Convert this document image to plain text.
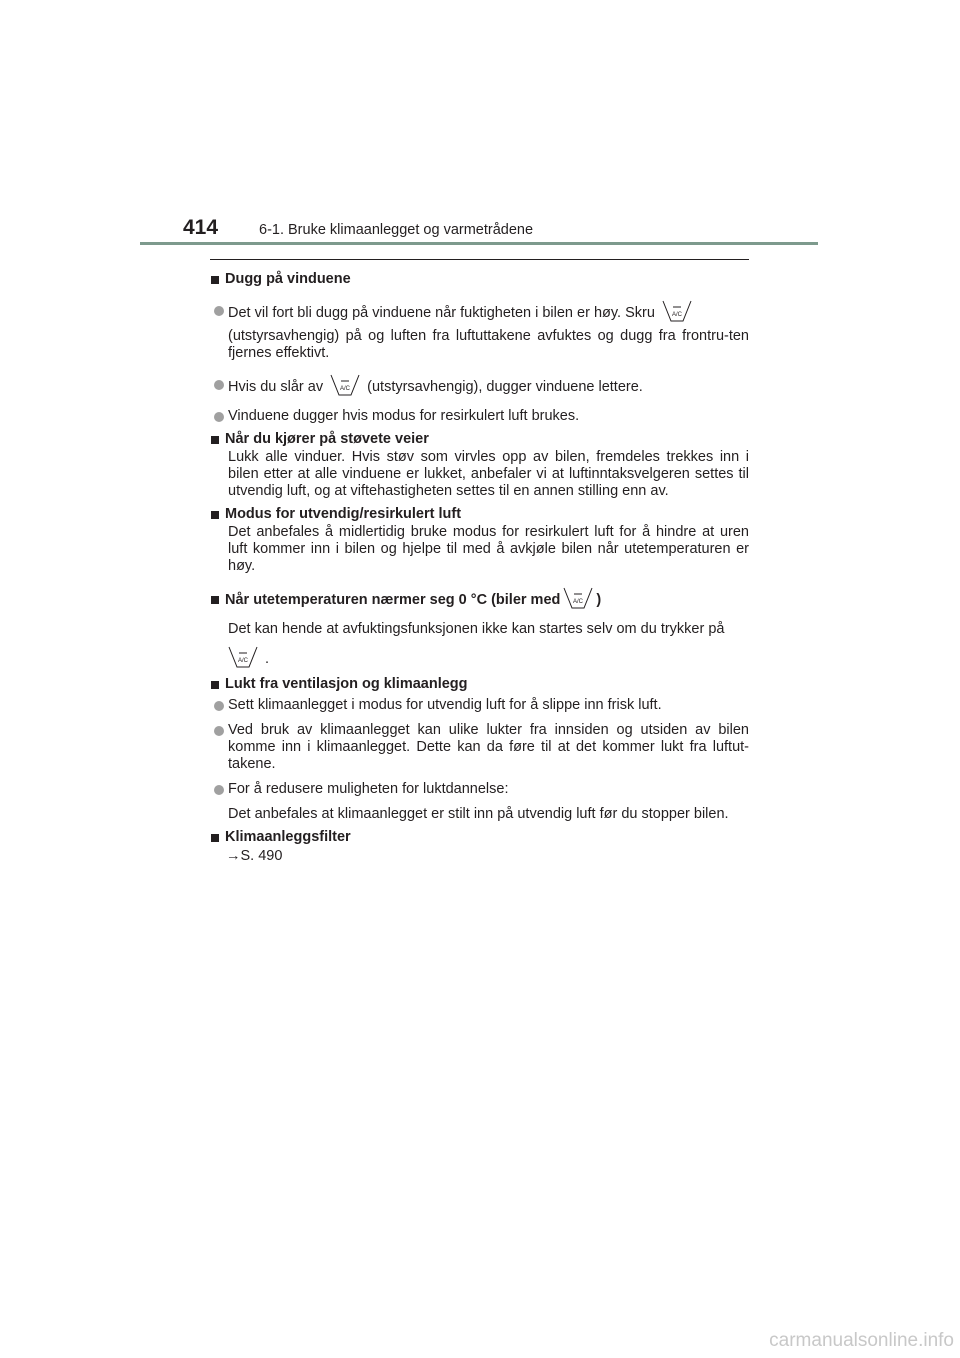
414	6-1. Bruke klimaanlegget og varmetrådene
Dugg på vinduene
Det vil fort bli dugg på vinduene når fuktigheten i bilen er høy. Skru	A/C
(utstyrsavhengig) på og luften fra luftuttakene avfuktes og dugg fra frontru-ten fjernes effektivt.
Hvis du slår av	A/C (utstyrsavhengig), dugger vinduene lettere.
Vinduene dugger hvis modus for resirkulert luft brukes.
Når du kjører på støvete veier
Lukk alle vinduer. Hvis støv som virvles opp av bilen, fremdeles trekkes inn i bilen etter at alle vinduene er lukket, anbefaler vi at luftinntaksvelgeren settes til utvendig luft, og at viftehastigheten settes til en annen stilling enn av.
Modus for utvendig/resirkulert luft
Det anbefales å midlertidig bruke modus for resirkulert luft for å hindre at uren luft kommer inn i bilen og hjelpe til med å avkjøle bilen når utetemperaturen er høy.
Når utetemperaturen nærmer seg 0 °C (biler med A/C )
Det kan hende at avfuktingsfunksjonen ikke kan startes selv om du trykker på
A/C .
Lukt fra ventilasjon og klimaanlegg
Sett klimaanlegget i modus for utvendig luft for å slippe inn frisk luft.
Ved bruk av klimaanlegget kan ulike lukter fra innsiden og utsiden av bilen komme inn i klimaanlegget. Dette kan da føre til at det kommer lukt fra luftut-takene.
For å redusere muligheten for luktdannelse:
Det anbefales at klimaanlegget er stilt inn på utvendig luft før du stopper bilen.
Klimaanleggsfilter
→S. 490
carmanualsonline.info
